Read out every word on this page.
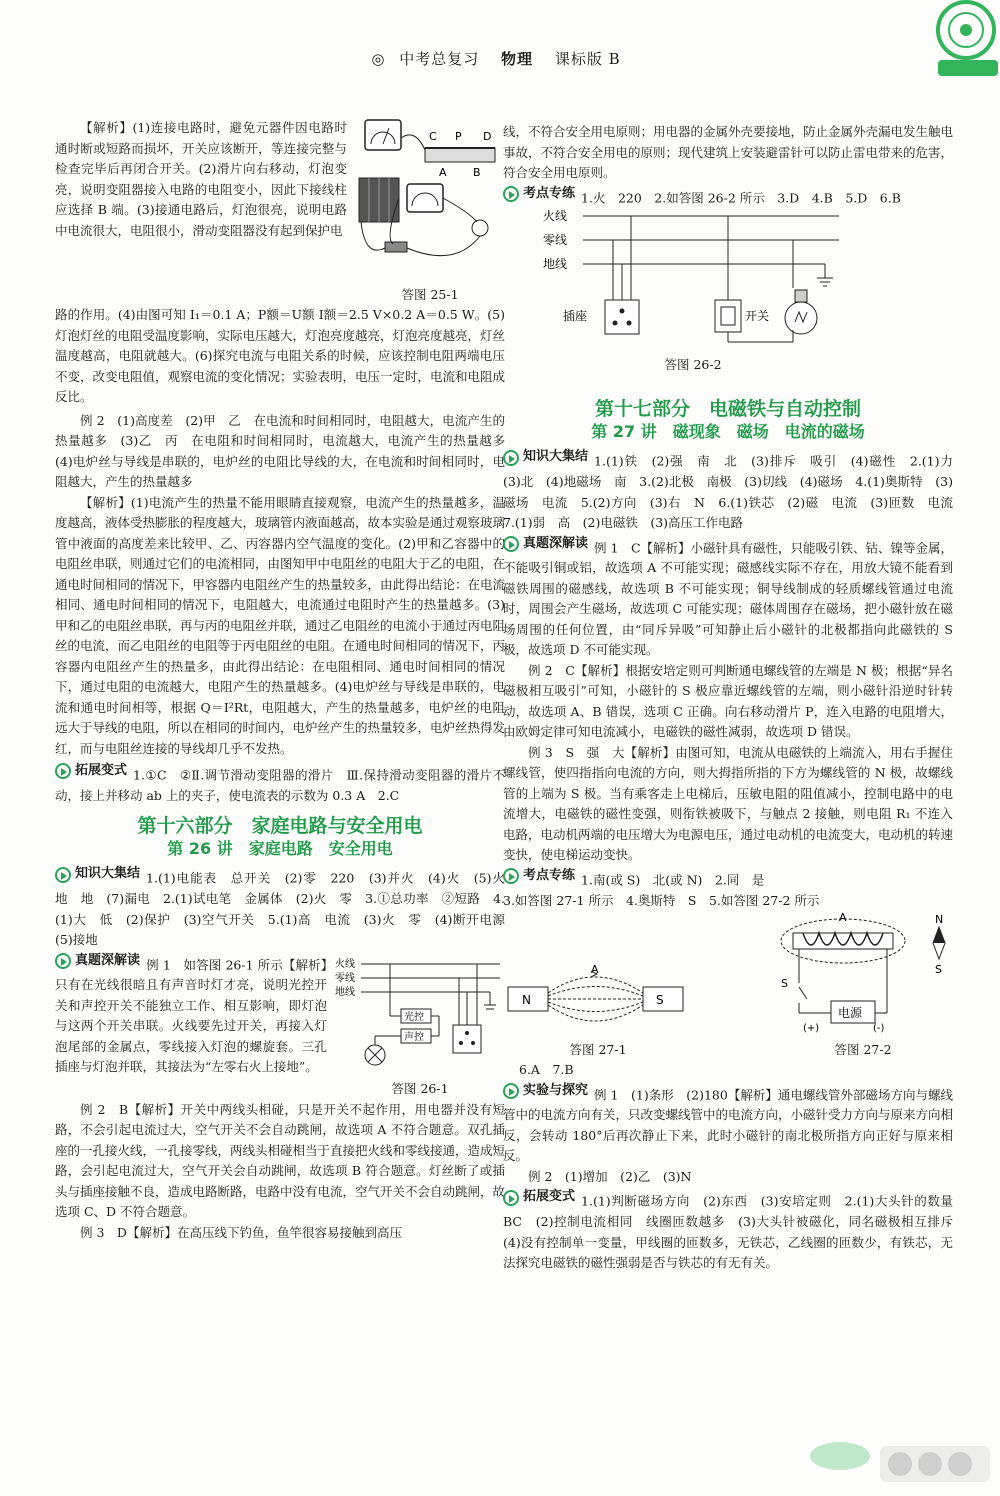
◎ 中考总复习 物理 课标版 B
C P D
A B
答图 25-1

【解析】(1)连接电路时，避免元器件因电路时通时断或短路而损坏，开关应该断开，等连接完整与检查完毕后再闭合开关。(2)滑片向右移动，灯泡变亮，说明变阻器接入电路的电阻变小，因此下接线柱应选择 B 端。(3)接通电路后，灯泡很亮，说明电路中电流很大，电阻很小，滑动变阻器没有起到保护电

路的作用。(4)由图可知 I₁＝0.1 A；P额＝U额 I额＝2.5 V×0.2 A＝0.5 W。(5)灯泡灯丝的电阻受温度影响，实际电压越大，灯泡亮度越亮，灯泡亮度越亮，灯丝温度越高，电阻就越大。(6)探究电流与电阻关系的时候，应该控制电阻两端电压不变，改变电阻值，观察电流的变化情况；实验表明，电压一定时，电流和电阻成反比。

例 2　(1)高度差　(2)甲　乙　在电流和时间相同时，电阻越大，电流产生的热量越多　(3)乙　丙　在电阻和时间相同时，电流越大，电流产生的热量越多　(4)电炉丝与导线是串联的，电炉丝的电阻比导线的大，在电流和时间相同时，电阻越大，产生的热量越多

【解析】(1)电流产生的热量不能用眼睛直接观察，电流产生的热量越多，温度越高，液体受热膨胀的程度越大，玻璃管内液面越高，故本实验是通过观察玻璃管中液面的高度差来比较甲、乙、丙容器内空气温度的变化。(2)甲和乙容器中的电阻丝串联，则通过它们的电流相同，由图知甲中电阻丝的电阻大于乙的电阻，在通电时间相同的情况下，甲容器内电阻丝产生的热量较多，由此得出结论：在电流相同、通电时间相同的情况下，电阻越大，电流通过电阻时产生的热量越多。(3)甲和乙的电阻丝串联，再与丙的电阻丝并联，通过乙电阻丝的电流小于通过丙电阻丝的电流，而乙电阻丝的电阻等于丙电阻丝的电阻。在通电时间相同的情况下，丙容器内电阻丝产生的热量多，由此得出结论：在电阻相同、通电时间相同的情况下，通过电阻的电流越大，电阻产生的热量越多。(4)电炉丝与导线是串联的，电流和通电时间相等，根据 Q＝I²Rt，电阻越大，产生的热量越多，电炉丝的电阻远大于导线的电阻，所以在相同的时间内，电炉丝产生的热量较多，电炉丝热得发红，而与电阻丝连接的导线却几乎不发热。

拓展变式 1.①C　②Ⅱ.调节滑动变阻器的滑片　Ⅲ.保持滑动变阻器的滑片不动，接上并移动 ab 上的夹子，使电流表的示数为 0.3 A　2.C

第十六部分　家庭电路与安全用电
第 26 讲　家庭电路　安全用电

知识大集结 1.(1)电能表　总开关　(2)零　220　(3)并火　(4)火　(5)火　地　地　(7)漏电　2.(1)试电笔　金属体　(2)火　零　3.①总功率　②短路　4.(1)大　低　(2)保护　(3)空气开关　5.(1)高　电流　(3)火　零　(4)断开电源　(5)接地

火线
零线
地线
光控
声控
答图 26-1

真题深解读 例 1　如答图 26-1 所示【解析】只有在光线很暗且有声音时灯才亮，说明光控开关和声控开关不能独立工作、相互影响，即灯泡与这两个开关串联。火线要先过开关，再接入灯泡尾部的金属点，零线接入灯泡的螺旋套。三孔插座与灯泡并联，其接法为“左零右火上接地”。

例 2　B【解析】开关中两线头相碰，只是开关不起作用，用电器并没有短路，不会引起电流过大，空气开关不会自动跳闸，故选项 A 不符合题意。双孔插座的一孔接火线，一孔接零线，两线头相碰相当于直接把火线和零线接通，造成短路，会引起电流过大，空气开关会自动跳闸，故选项 B 符合题意。灯丝断了或插头与插座接触不良，造成电路断路，电路中没有电流，空气开关不会自动跳闸，故选项 C、D 不符合题意。

例 3　D【解析】在高压线下钓鱼，鱼竿很容易接触到高压

线，不符合安全用电原则；用电器的金属外壳要接地，防止金属外壳漏电发生触电事故，不符合安全用电的原则；现代建筑上安装避雷针可以防止雷电带来的危害，符合安全用电原则。

考点专练 1.火　220　2.如答图 26-2 所示　3.D　4.B　5.D　6.B

火线
零线
地线
插座	开关
答图 26-2
第十七部分　电磁铁与自动控制
第 27 讲　磁现象　磁场　电流的磁场

知识大集结 1.(1)铁　(2)强　南　北　(3)排斥　吸引　(4)磁性　2.(1)力　(3)北　(4)地磁场　南　3.(2)北极　南极　(3)切线　(4)磁场　4.(1)奥斯特　(3)磁场　电流　5.(2)方向　(3)右　N　6.(1)铁芯　(2)磁　电流　(3)匝数　电流　7.(1)弱　高　(2)电磁铁　(3)高压工作电路

真题深解读 例 1　C【解析】小磁针具有磁性，只能吸引铁、钴、镍等金属，不能吸引铜或铝，故选项 A 不可能实现；磁感线实际不存在，用放大镜不能看到磁铁周围的磁感线，故选项 B 不可能实现；铜导线制成的轻质螺线管通过电流时，周围会产生磁场，故选项 C 可能实现；磁体周围存在磁场，把小磁针放在磁场周围的任何位置，由“同斥异吸”可知静止后小磁针的北极都指向此磁铁的 S 极，故选项 D 不可能实现。

例 2　C【解析】根据安培定则可判断通电螺线管的左端是 N 极；根据“异名磁极相互吸引”可知，小磁针的 S 极应靠近螺线管的左端，则小磁针沿逆时针转动，故选项 A、B 错误，选项 C 正确。向右移动滑片 P，连入电路的电阻增大，由欧姆定律可知电流减小，电磁铁的磁性减弱，故选项 D 错误。

例 3　S　强　大【解析】由图可知，电流从电磁铁的上端流入，用右手握住螺线管，使四指指向电流的方向，则大拇指所指的下方为螺线管的 N 极，故螺线管的上端为 S 极。当有乘客走上电梯后，压敏电阻的阻值减小，控制电路中的电流增大，电磁铁的磁性变强，则衔铁被吸下，与触点 2 接触，则电阻 R₁ 不连入电路，电动机两端的电压增大为电源电压，通过电动机的电流变大，电动机的转速变快，使电梯运动变快。

考点专练 1.南(或 S)　北(或 N)　2.同　是

3.如答图 27-1 所示　4.奥斯特　S　5.如答图 27-2 所示

N	S
A
答图 27-1
A	N
S
S
电源
(+)	(-)
答图 27-2

6.A　7.B

实验与探究 例 1　(1)条形　(2)180【解析】通电螺线管外部磁场方向与螺线管中的电流方向有关，只改变螺线管中的电流方向，小磁针受力方向与原来方向相反，会转动 180°后再次静止下来，此时小磁针的南北极所指方向正好与原来相反。

例 2　(1)增加　(2)乙　(3)N

拓展变式 1.(1)判断磁场方向　(2)东西　(3)安培定则　2.(1)大头针的数量　BC　(2)控制电流相同　线圈匝数越多　(3)大头针被磁化，同名磁极相互排斥　(4)没有控制单一变量，甲线圈的匝数多，无铁芯，乙线圈的匝数少，有铁芯，无法探究电磁铁的磁性强弱是否与铁芯的有无有关。
